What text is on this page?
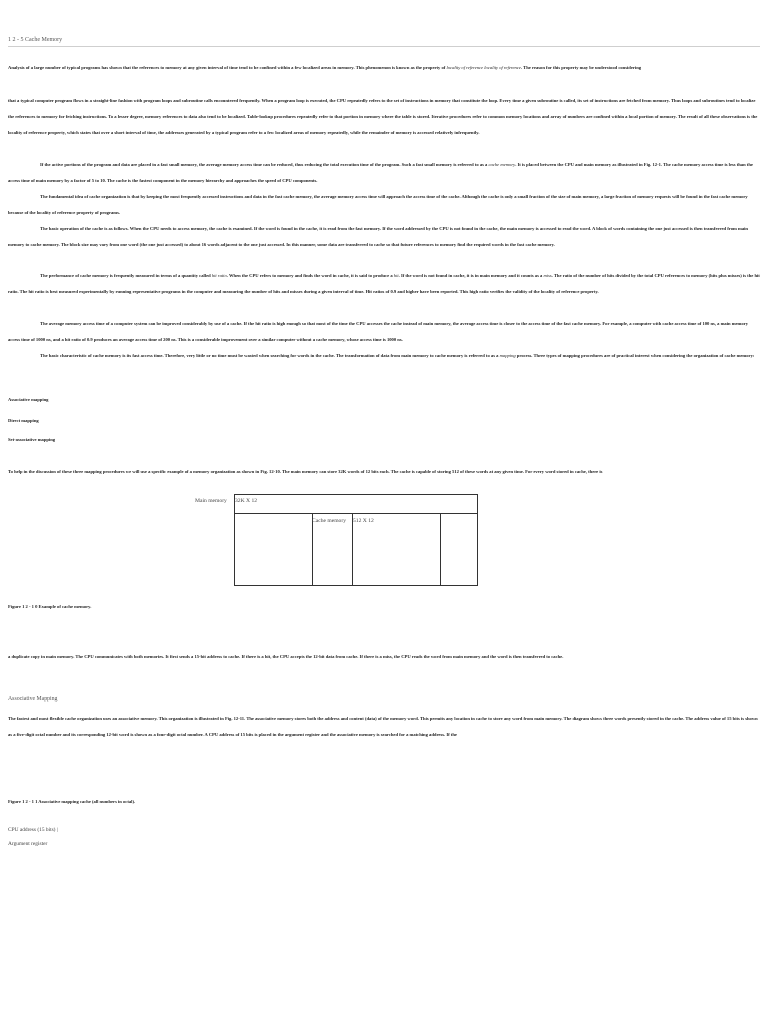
1 2 - 5 Cache Memory

Analysis of a large number of typical programs has shown that the references to memory at any given interval of time tend to be confined within a few localized areas in memory. This phenomenon is known as the property of locality of reference locality of reference. The reason for this property may be understood considering

that a typical computer program flows in a straight-line fashion with program loops and subroutine calls encountered frequently. When a program loop is executed, the CPU repeatedly refers to the set of instructions in memory that constitute the loop. Every time a given subroutine is called, its set of instructions are fetched from memory. Thus loops and subroutines tend to localize the references to memory for fetching instructions. To a lesser degree, memory references to data also tend to be localized. Table-lookup procedures repeatedly refer to that portion in memory where the table is stored. Iterative procedures refer to common memory locations and array of numbers are confined within a local portion of memory. The result of all these observations is the locality of reference property, which states that over a short interval of time, the addresses generated by a typical program refer to a few localized areas of memory repeatedly, while the remainder of memory is accessed relatively infrequently.

If the active portions of the program and data are placed in a fast small memory, the average memory access time can be reduced, thus reducing the total execution time of the program. Such a fast small memory is referred to as a cache memory. It is placed between the CPU and main memory as illustrated in Fig. 12-1. The cache memory access time is less than the access time of main memory by a factor of 5 to 10. The cache is the fastest component in the memory hierarchy and approaches the speed of CPU components.

The fundamental idea of cache organization is that by keeping the most frequently accessed instructions and data in the fast cache memory, the average memory access time will approach the access time of the cache. Although the cache is only a small fraction of the size of main memory, a large fraction of memory requests will be found in the fast cache memory because of the locality of reference property of programs.

The basic operation of the cache is as follows. When the CPU needs to access memory, the cache is examined. If the word is found in the cache, it is read from the fast memory. If the word addressed by the CPU is not found in the cache, the main memory is accessed to read the word. A block of words containing the one just accessed is then transferred from main memory to cache memory. The block size may vary from one word (the one just accessed) to about 16 words adjacent to the one just accessed. In this manner, some data are transferred to cache so that future references to memory find the required words in the fast cache memory.

The performance of cache memory is frequently measured in terms of a quantity called hit ratio. When the CPU refers to memory and finds the word in cache, it is said to produce a hit. If the word is not found in cache, it is in main memory and it counts as a miss. The ratio of the number of hits divided by the total CPU references to memory (hits plus misses) is the hit ratio. The hit ratio is best measured experimentally by running representative programs in the computer and measuring the number of hits and misses during a given interval of time. Hit ratios of 0.9 and higher have been reported. This high ratio verifies the validity of the locality of reference property.

The average memory access time of a computer system can be improved considerably by use of a cache. If the hit ratio is high enough so that most of the time the CPU accesses the cache instead of main memory, the average access time is closer to the access time of the fast cache memory. For example, a computer with cache access time of 100 ns, a main memory access time of 1000 ns, and a hit ratio of 0.9 produces an average access time of 200 ns. This is a considerable improvement over a similar computer without a cache memory, whose access time is 1000 ns.

The basic characteristic of cache memory is its fast access time. Therefore, very little or no time must be wasted when searching for words in the cache. The transformation of data from main memory to cache memory is referred to as a mapping process. Three types of mapping procedures are of practical interest when considering the organization of cache memory:

Associative mapping
Direct mapping
Set-associative mapping

To help in the discussion of these three mapping procedures we will use a specific example of a memory organization as shown in Fig. 12-10. The main memory can store 32K words of 12 bits each. The cache is capable of storing 512 of these words at any given time. For every word stored in cache, there is

Main memory 32K X 12
Cache memory 512 X 12
Figure 1 2 - 1 0 Example of cache memory.

a duplicate copy in main memory. The CPU communicates with both memories. It first sends a 15-bit address to cache. If there is a hit, the CPU accepts the 12-bit data from cache. If there is a miss, the CPU reads the word from main memory and the word is then transferred to cache.

Associative Mapping

The fastest and most flexible cache organization uses an associative memory. This organization is illustrated in Fig. 12-11. The associative memory stores both the address and content (data) of the memory word. This permits any location in cache to store any word from main memory. The diagram shows three words presently stored in the cache. The address value of 15 bits is shown as a five-digit octal number and its corresponding 12-bit word is shown as a four-digit octal number. A CPU address of 15 bits is placed in the argument register and the associative memory is searched for a matching address. If the

Figure 1 2 - 1 1 Associative mapping cache (all numbers in octal).
CPU address (15 bits) |
Argument register
